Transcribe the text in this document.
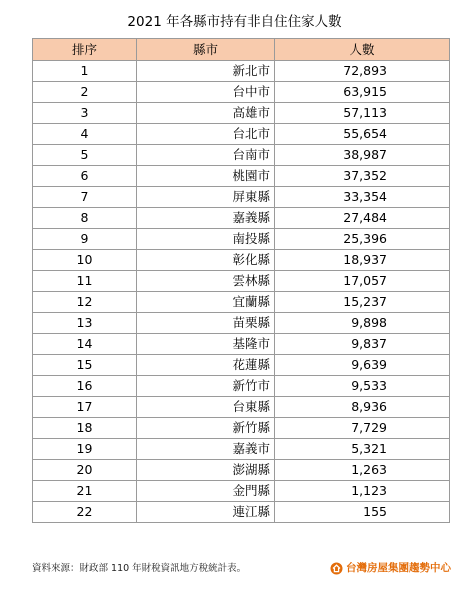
2021 年各縣市持有非自住住家人數
排序	縣市	人數
1	新北市	72,893
2	台中市	63,915
3	高雄市	57,113
4	台北市	55,654
5	台南市	38,987
6	桃園市	37,352
7	屏東縣	33,354
8	嘉義縣	27,484
9	南投縣	25,396
10	彰化縣	18,937
11	雲林縣	17,057
12	宜蘭縣	15,237
13	苗栗縣	9,898
14	基隆市	9,837
15	花蓮縣	9,639
16	新竹市	9,533
17	台東縣	8,936
18	新竹縣	7,729
19	嘉義市	5,321
20	澎湖縣	1,263
21	金門縣	1,123
22	連江縣	155
資料來源：財政部 110 年財稅資訊地方稅統計表。	台灣房屋集團趨勢中心
